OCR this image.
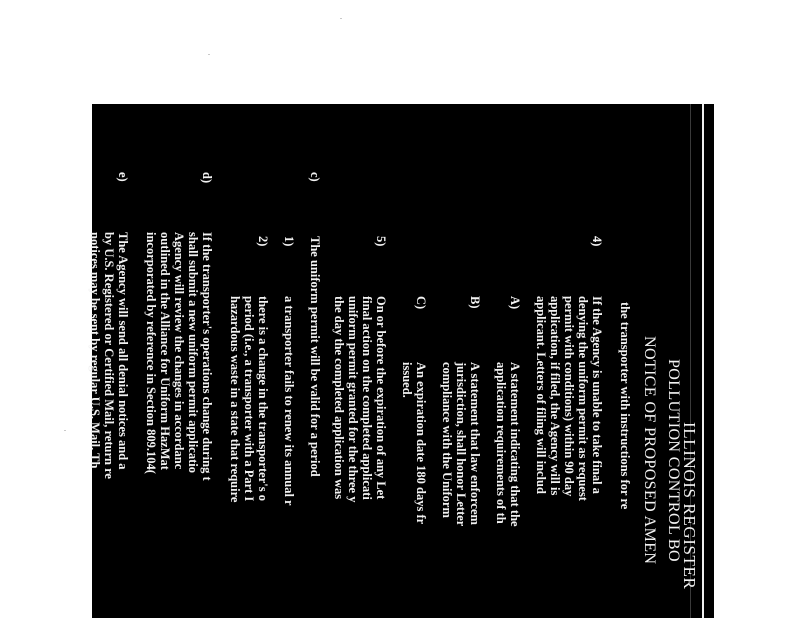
ILLINOIS REGISTER
POLLUTION CONTROL BO
NOTICE OF PROPOSED AMEN
the transporter with instructions for re
4)
If the Agency is unable to take final a
denying the uniform permit as request
permit with conditions) within 90 day
application, if filed, the Agency will is
applicant. Letters of filing will includ
A)
A statement indicating that the
application requirements of th
B)
A statement that law enforcem
jurisdiction, shall honor Letter
compliance with the Uniform
C)
An expiration date 180 days fr
issued.
5)
On or before the expiration of any Let
final action on the completed applicati
uniform permit granted for the three y
the day the completed application was
c)
The uniform permit will be valid for a period
1)
a transporter fails to renew its annual r
2)
there is a change in the transporter's o
period (i.e., a transporter with a Part I
hazardous waste in a state that require
d)
If the transporter's operations change during t
shall submit a new uniform permit applicatio
Agency will review the changes in accordanc
outlined in the Alliance for Uniform HazMat
incorporated by reference in Section 809.104(
e)
The Agency will send all denial notices and a
by U.S. Registered or Certified Mail, return re
notices may be sent by regular U.S. Mail. Th
